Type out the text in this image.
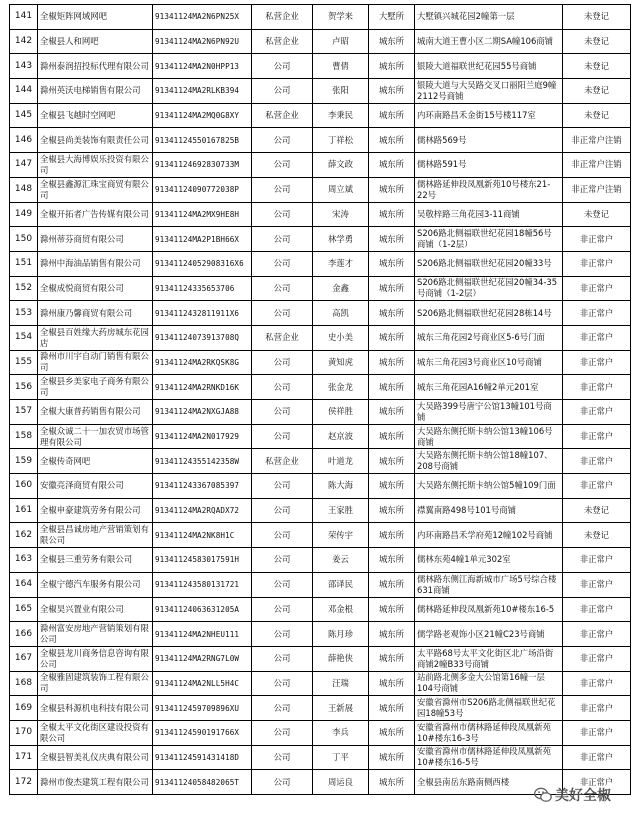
141	全椒矩阵网域网吧	91341124MA2N6PN25X	私营企业	贺学来	大墅所	大墅镇兴城花园2幢第一层	未登记
142	全椒县人和网吧	91341124MA2N6PN92U	私营企业	卢昭	城东所	城南大道王曹小区二期SA幢106商铺	未登记
143	滁州泰润招投标代理有限公司	91341124MA2N0HPP13	公司	曹倩	城东所	银陵大道福联世纪花园55号商铺	未登记
144	滁州英沃电梯销售有限公司	91341124MA2RLKB394	公司	张阳	城东所	银陵大道与大吴路交叉口丽阳兰庭9幢2112号商铺	未登记
145	全椒县飞越时空网吧	91341124MA2MQ0G8XY	私营企业	李秉民	城东所	内环南路昌禾金街15号楼117室	未登记
146	全椒县尚美装饰有限责任公司	91341124550167825B	公司	丁祥松	城东所	儒林路569号	非正常户注销
147	全椒县大海博娱乐投资有限公司	91341124692830733M	公司	薛文政	城东所	儒林路591号	非正常户注销
148	全椒县鑫源汇珠宝商贸有限公司	91341124090772038P	公司	周立斌	城东所	儒林路延伸段凤凰新苑10号楼东21-22号	非正常户注销
149	全椒开拓者广告传媒有限公司	91341124MA2MX9HE8H	公司	宋涛	城东所	吴敬梓路三角花园3-11商铺	未登记
150	滁州蒂芬商贸有限公司	91341124MA2P1BH66X	公司	林学勇	城东所	S206路北侧福联世纪花园18幢56号商铺（1-2层）	非正常户
151	滁州中海油品销售有限公司	91341124052908316X6	公司	李莲才	城东所	S206路北侧福联世纪花园20幢33号	非正常户
152	全椒成悦商贸有限公司	91341124335653706	公司	金鑫	城东所	S206路北侧福联世纪花园20幢34-35号商铺（1-2层）	非正常户
153	滁州康乃馨商贸有限公司	9134112432811911X6	公司	高凯	城东所	S206路北侧福联世纪花园28栋14号	非正常户
154	全椒县百姓缘大药房城东花园店	91341124073913708Q	私营企业	史小美	城东所	城东三角花园2号商业区5-6号门面	非正常户
155	滁州市川宇自动门销售有限公司	91341124MA2RKQSK8G	公司	黄知虎	城东所	城东三角花园3号商业区10号商铺	非正常户
156	全椒县乡美家电子商务有限公司	91341124MA2RNKD16K	公司	张金龙	城东所	城东三角花园A16幢2单元201室	非正常户
157	全椒大康普药销售有限公司	91341124MA2NXGJA88	公司	侯祥胜	城东所	大吴路399号唐宁公馆13幢101号商铺	非正常户
158	全椒众诚二十一加农贸市场管理有限公司	91341124MA2N017929	公司	赵京波	城东所	大吴路东侧托斯卡纳公馆13幢106号商铺	非正常户
159	全椒传奇网吧	91341124355142358W	私营企业	叶道龙	城东所	大吴路东侧托斯卡纳公馆18幢107、208号商铺	非正常户
160	安徽亮泽商贸有限公司	91341124336708539​7	公司	陈大海	城东所	大吴路东侧托斯卡纳公馆5幢109门面	非正常户
161	全椒申豪建筑劳务有限公司	91341124MA2RQADX72	公司	王家胜	城东所	襟翼南路498号101号商铺	未登记
162	全椒县昌诚房地产营销策划有限公司	91341124MA2NK8H1C	公司	荣传宇	城东所	内环南路昌禾学府苑12幢102号商铺	未登记
163	全椒县三重劳务有限公司	91341124583017591H	公司	姜云	城东所	儒林东苑4幢1单元302室	非正常户
164	全椒宁德汽车服务有限公司	91341124358013172​1	公司	邵译民	城东所	儒林路东侧江海新城市广场5号综合楼631商铺	非正常户
165	全椒昊兴置业有限公司	91341124063631205A	公司	邓金根	城东所	儒林路延伸段凤凰新苑10#楼东16-5	非正常户
166	滁州富安房地产营销策划有限公司	91341124MA2NHEU111	公司	陈月珍	城东所	儒学路老观饰小区21幢C23号商铺	非正常户
167	全椒县龙川商务信息咨询有限公司	91341124MA2RNG7L0W	公司	薛艳侠	城东所	太平路68号太平文化街区北广场沿街商铺2幢B33号商铺	非正常户
168	全椒雅固建筑装饰工程有限公司	91341124MA2NLL5H4C	公司	汪瑞	城东所	站前路北侧多金大公馆第16幢一层104号商铺	非正常户
169	全椒县科源机电科技有限公司	91341124597098​96XU	公司	王新展	城东所	安徽省滁州市S206路北侧福联世纪花园18幢53号	非正常户
170	全椒太平文化街区建设投资有限公司	91341124590191766X	公司	李兵	城东所	安徽省滁州市儒林路延伸段凤凰新苑10#楼东16-3号	非正常户
171	全椒县智美礼仪庆典有限公司	91341124591431418D	公司	丁平	城东所	安徽省滁州市儒林路延伸段凤凰新苑10#楼东16-5号	非正常户
172	滁州市俊杰建筑工程有限公司	91341124058482065T	公司	周运良	城东所	全椒县南岳东路南侧西楼	非正常户
美好全椒
